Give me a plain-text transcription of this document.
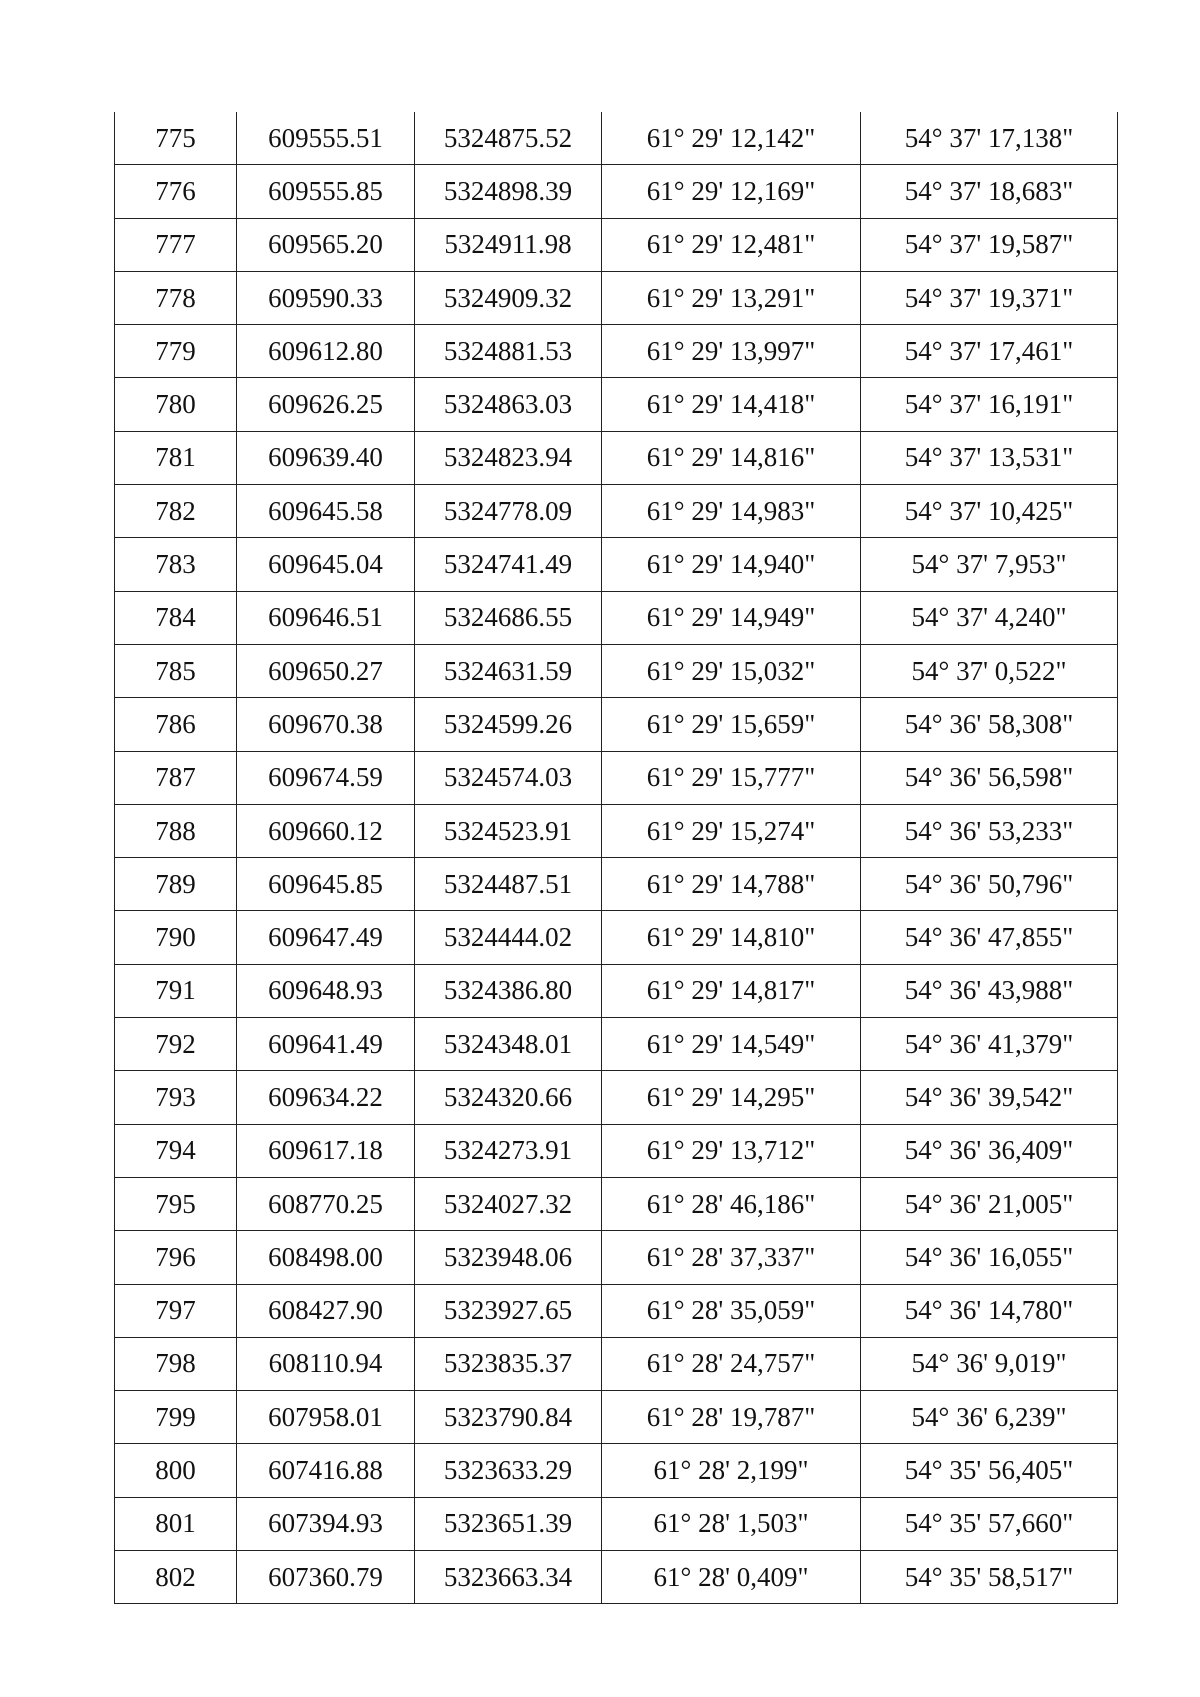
775	609555.51	5324875.52	61° 29' 12,142"	54° 37' 17,138"
776	609555.85	5324898.39	61° 29' 12,169"	54° 37' 18,683"
777	609565.20	5324911.98	61° 29' 12,481"	54° 37' 19,587"
778	609590.33	5324909.32	61° 29' 13,291"	54° 37' 19,371"
779	609612.80	5324881.53	61° 29' 13,997"	54° 37' 17,461"
780	609626.25	5324863.03	61° 29' 14,418"	54° 37' 16,191"
781	609639.40	5324823.94	61° 29' 14,816"	54° 37' 13,531"
782	609645.58	5324778.09	61° 29' 14,983"	54° 37' 10,425"
783	609645.04	5324741.49	61° 29' 14,940"	54° 37' 7,953"
784	609646.51	5324686.55	61° 29' 14,949"	54° 37' 4,240"
785	609650.27	5324631.59	61° 29' 15,032"	54° 37' 0,522"
786	609670.38	5324599.26	61° 29' 15,659"	54° 36' 58,308"
787	609674.59	5324574.03	61° 29' 15,777"	54° 36' 56,598"
788	609660.12	5324523.91	61° 29' 15,274"	54° 36' 53,233"
789	609645.85	5324487.51	61° 29' 14,788"	54° 36' 50,796"
790	609647.49	5324444.02	61° 29' 14,810"	54° 36' 47,855"
791	609648.93	5324386.80	61° 29' 14,817"	54° 36' 43,988"
792	609641.49	5324348.01	61° 29' 14,549"	54° 36' 41,379"
793	609634.22	5324320.66	61° 29' 14,295"	54° 36' 39,542"
794	609617.18	5324273.91	61° 29' 13,712"	54° 36' 36,409"
795	608770.25	5324027.32	61° 28' 46,186"	54° 36' 21,005"
796	608498.00	5323948.06	61° 28' 37,337"	54° 36' 16,055"
797	608427.90	5323927.65	61° 28' 35,059"	54° 36' 14,780"
798	608110.94	5323835.37	61° 28' 24,757"	54° 36' 9,019"
799	607958.01	5323790.84	61° 28' 19,787"	54° 36' 6,239"
800	607416.88	5323633.29	61° 28' 2,199"	54° 35' 56,405"
801	607394.93	5323651.39	61° 28' 1,503"	54° 35' 57,660"
802	607360.79	5323663.34	61° 28' 0,409"	54° 35' 58,517"
